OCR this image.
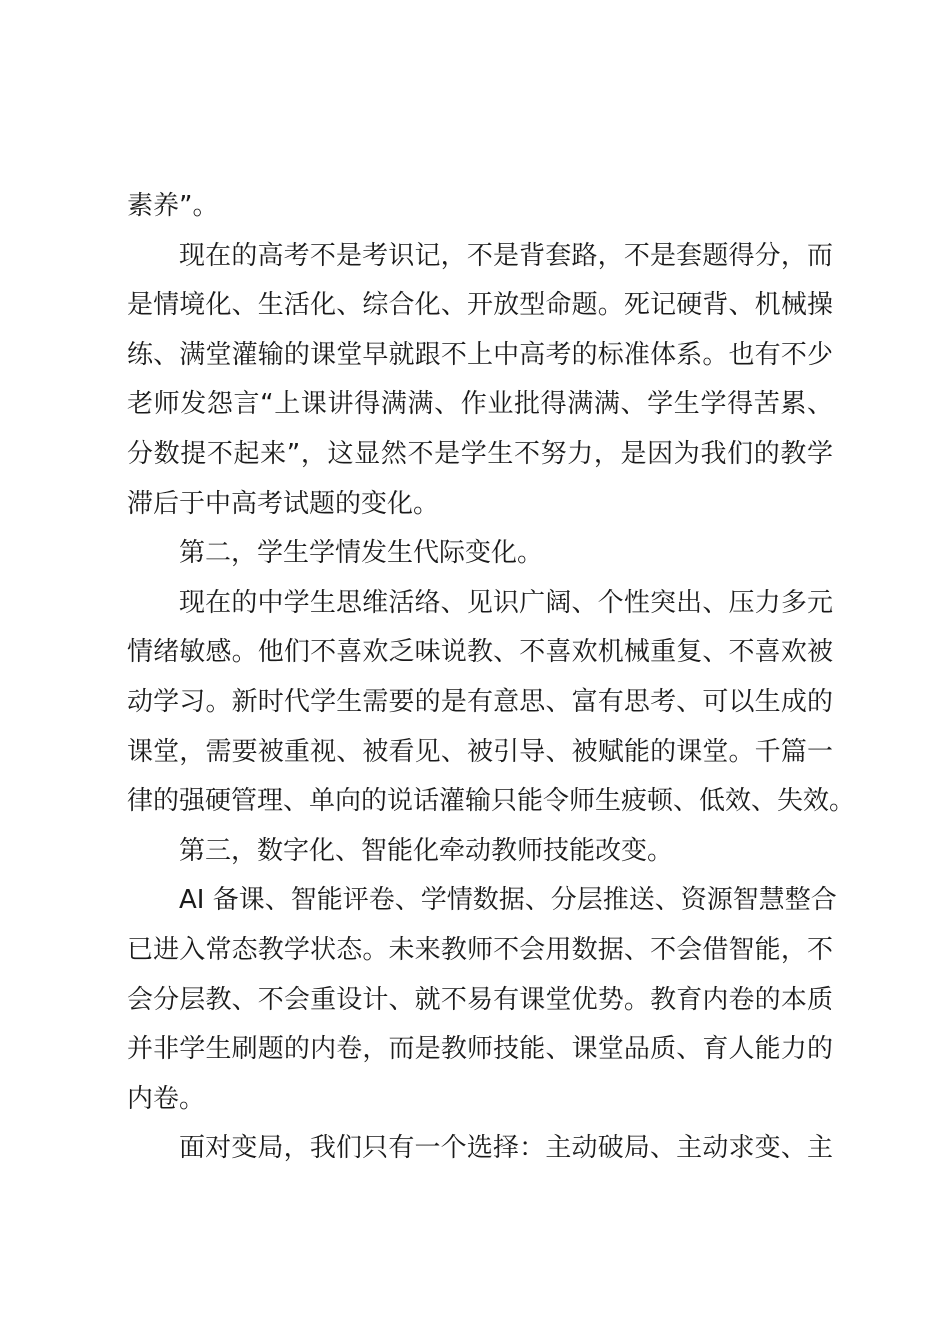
素养”。
现在的高考不是考识记，不是背套路，不是套题得分，而
是情境化、生活化、综合化、开放型命题。死记硬背、机械操
练、满堂灌输的课堂早就跟不上中高考的标准体系。也有不少
老师发怨言“上课讲得满满、作业批得满满、学生学得苦累、
分数提不起来”，这显然不是学生不努力，是因为我们的教学
滞后于中高考试题的变化。
第二，学生学情发生代际变化。
现在的中学生思维活络、见识广阔、个性突出、压力多元
情绪敏感。他们不喜欢乏味说教、不喜欢机械重复、不喜欢被
动学习。新时代学生需要的是有意思、富有思考、可以生成的
课堂，需要被重视、被看见、被引导、被赋能的课堂。千篇一
律的强硬管理、单向的说话灌输只能令师生疲顿、低效、失效。
第三，数字化、智能化牵动教师技能改变。
AI 备课、智能评卷、学情数据、分层推送、资源智慧整合
已进入常态教学状态。未来教师不会用数据、不会借智能，不
会分层教、不会重设计、就不易有课堂优势。教育内卷的本质
并非学生刷题的内卷，而是教师技能、课堂品质、育人能力的
内卷。
面对变局，我们只有一个选择：主动破局、主动求变、主
